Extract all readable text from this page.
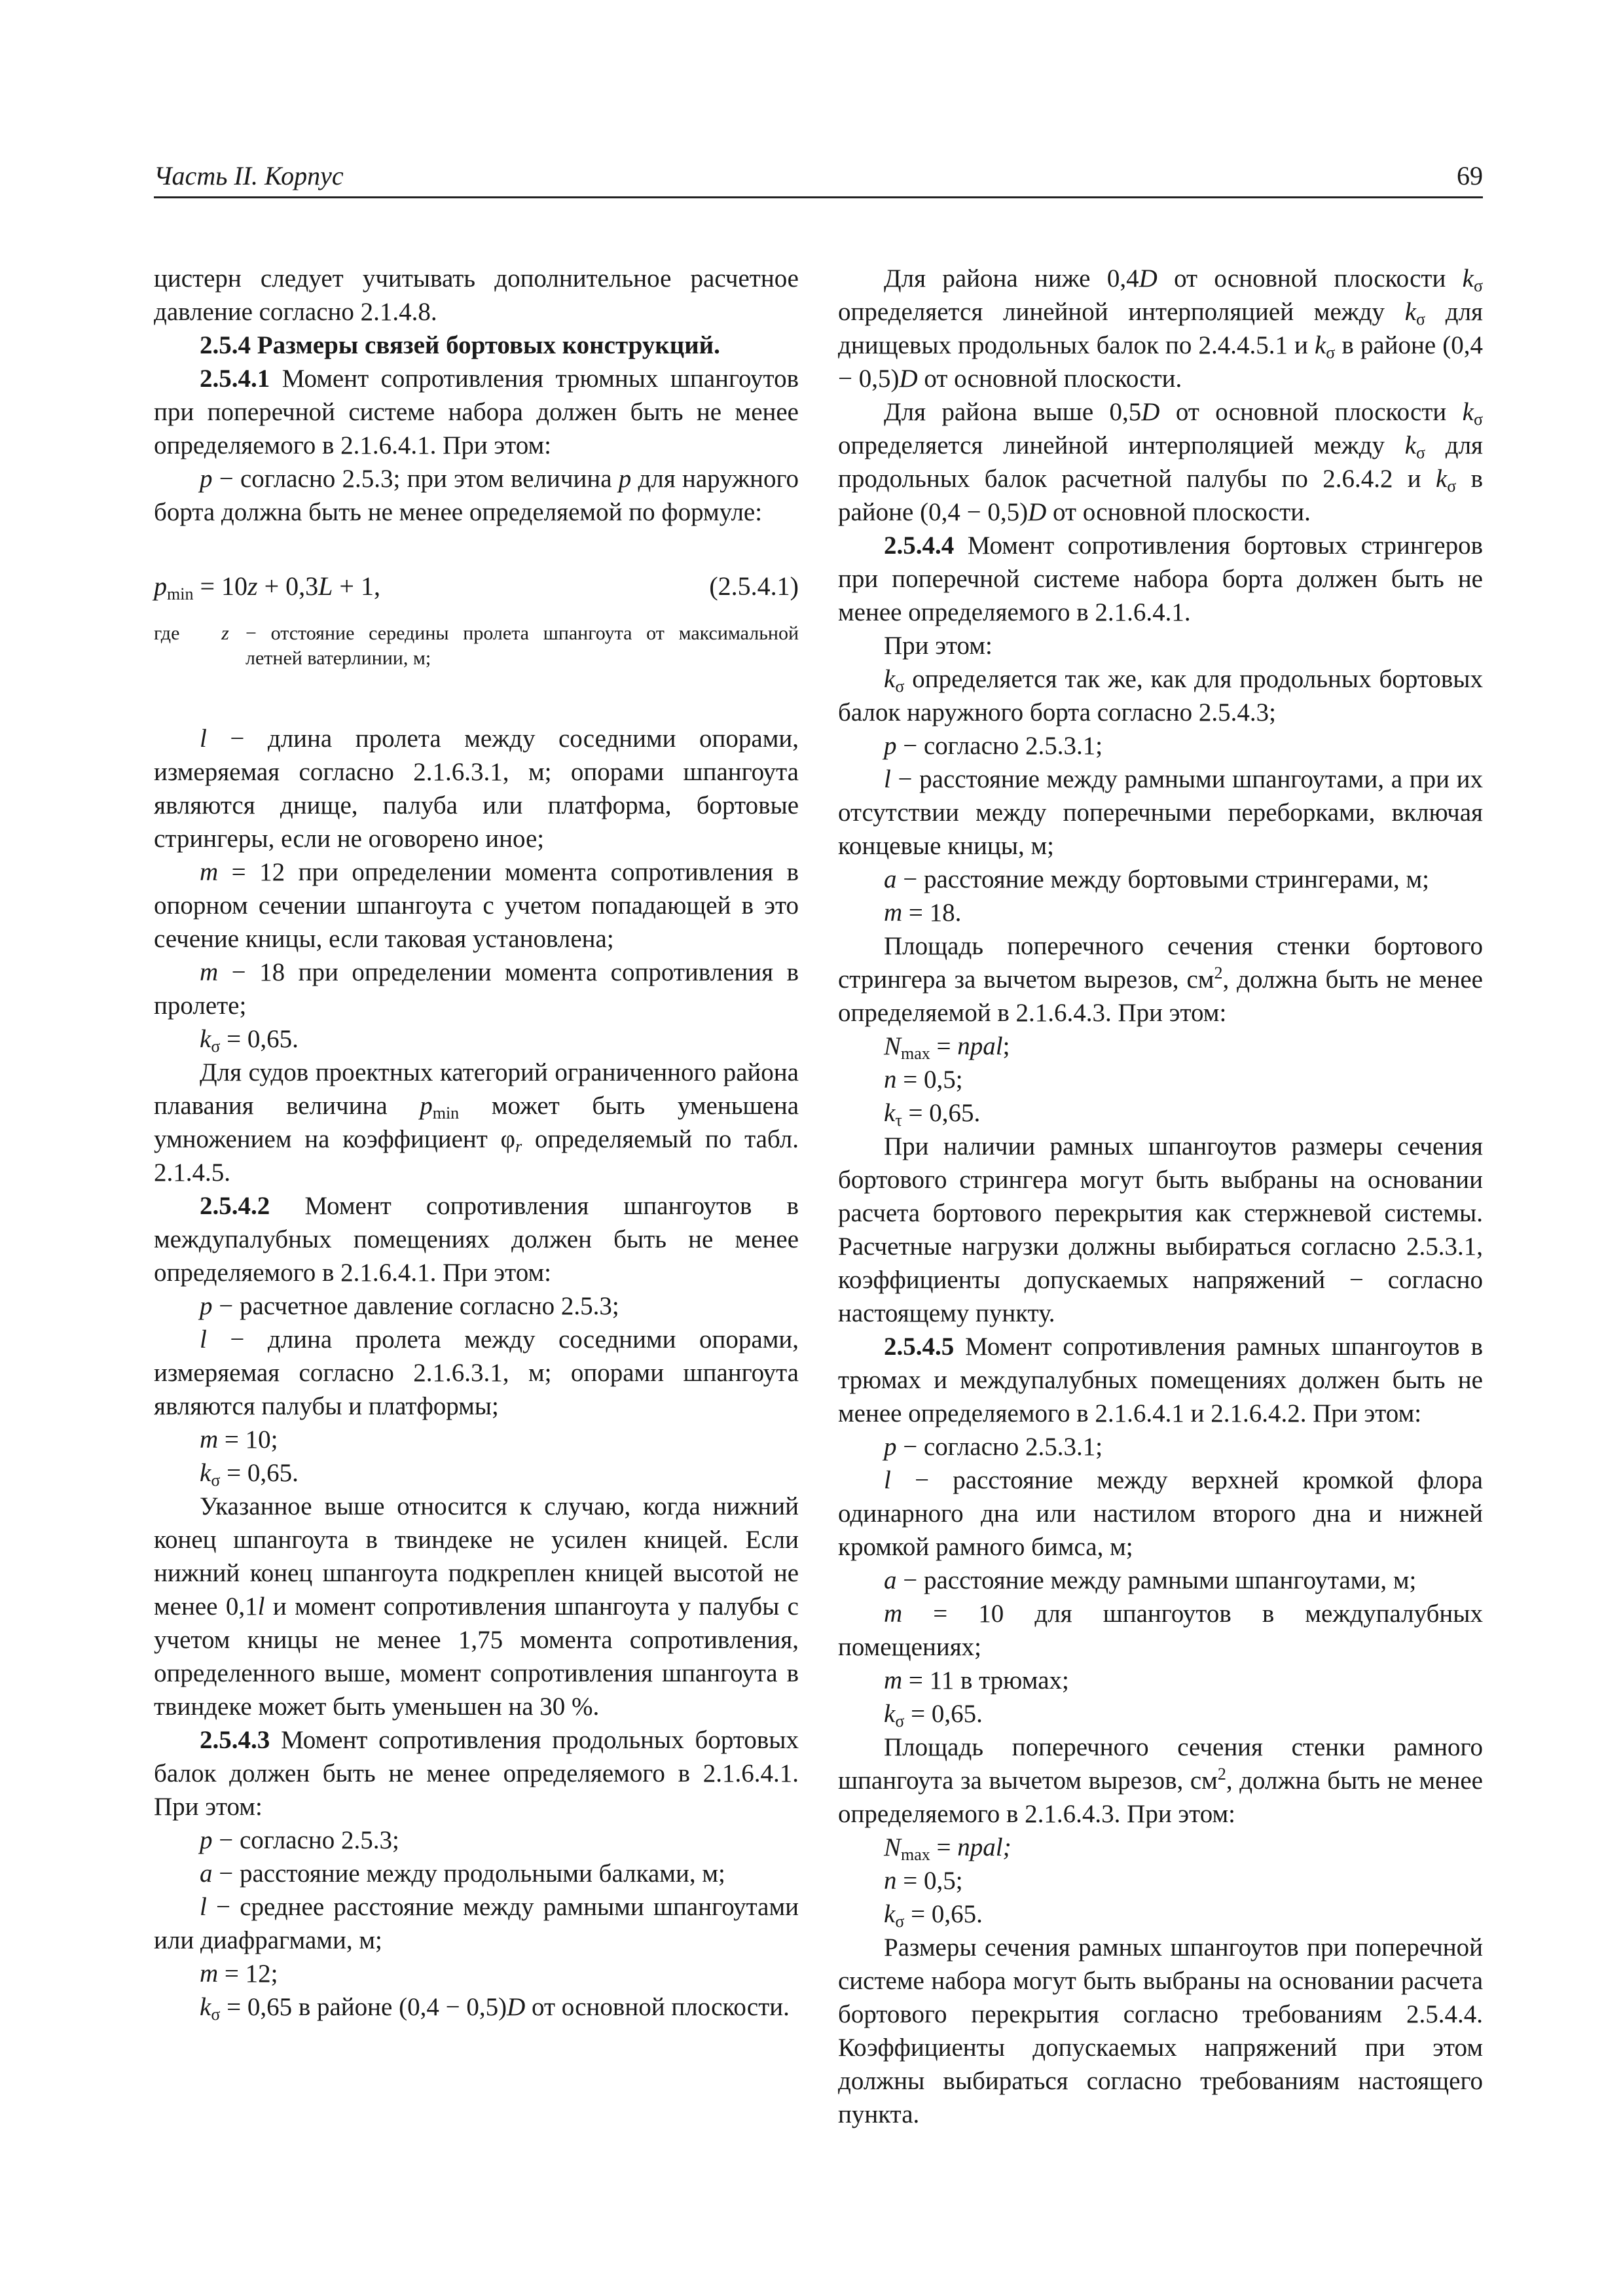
Часть II. Корпус	69

цистерн следует учитывать дополнительное расчетное давление согласно 2.1.4.8.

2.5.4 Размеры связей бортовых конструкций.

2.5.4.1 Момент сопротивления трюмных шпангоутов при поперечной системе набора должен быть не менее определяемого в 2.1.6.4.1. При этом:

p − согласно 2.5.3; при этом величина p для наружного борта должна быть не менее определяемой по формуле:

$p_{min} = 10z + 0,3L + 1$,	(2.5.4.1)
где	z − отстояние середины пролета шпангоута от максимальной летней ватерлинии, м;

l − длина пролета между соседними опорами, измеряемая согласно 2.1.6.3.1, м; опорами шпангоута являются днище, палуба или платформа, бортовые стрингеры, если не оговорено иное;

m = 12 при определении момента сопротивления в опорном сечении шпангоута с учетом попадающей в это сечение кницы, если таковая установлена;

m − 18 при определении момента сопротивления в пролете;

$k_\sigma = 0,65$.

Для судов проектных категорий ограниченного района плавания величина $p_{min}$ может быть уменьшена умножением на коэффициент $\varphi_r$ определяемый по табл. 2.1.4.5.

2.5.4.2 Момент сопротивления шпангоутов в междупалубных помещениях должен быть не менее определяемого в 2.1.6.4.1. При этом:

p − расчетное давление согласно 2.5.3;

l − длина пролета между соседними опорами, измеряемая согласно 2.1.6.3.1, м; опорами шпангоута являются палубы и платформы;

m = 10;

$k_\sigma = 0,65$.

Указанное выше относится к случаю, когда нижний конец шпангоута в твиндеке не усилен кницей. Если нижний конец шпангоута подкреплен кницей высотой не менее 0,1l и момент сопротивления шпангоута у палубы с учетом кницы не менее 1,75 момента сопротивления, определенного выше, момент сопротивления шпангоута в твиндеке может быть уменьшен на 30 %.

2.5.4.3 Момент сопротивления продольных бортовых балок должен быть не менее определяемого в 2.1.6.4.1. При этом:

p − согласно 2.5.3;

a − расстояние между продольными балками, м;

l − среднее расстояние между рамными шпангоутами или диафрагмами, м;

m = 12;

$k_\sigma = 0,65$ в районе (0,4 − 0,5)D от основной плоскости.

Для района ниже 0,4D от основной плоскости $k_\sigma$ определяется линейной интерполяцией между $k_\sigma$ для днищевых продольных балок по 2.4.4.5.1 и $k_\sigma$ в районе (0,4 − 0,5)D от основной плоскости.

Для района выше 0,5D от основной плоскости $k_\sigma$ определяется линейной интерполяцией между $k_\sigma$ для продольных балок расчетной палубы по 2.6.4.2 и $k_\sigma$ в районе (0,4 − 0,5)D от основной плоскости.

2.5.4.4 Момент сопротивления бортовых стрингеров при поперечной системе набора борта должен быть не менее определяемого в 2.1.6.4.1.

При этом:

$k_\sigma$ определяется так же, как для продольных бортовых балок наружного борта согласно 2.5.4.3;

p − согласно 2.5.3.1;

l − расстояние между рамными шпангоутами, а при их отсутствии между поперечными переборками, включая концевые кницы, м;

a − расстояние между бортовыми стрингерами, м;

m = 18.

Площадь поперечного сечения стенки бортового стрингера за вычетом вырезов, $см^2$, должна быть не менее определяемой в 2.1.6.4.3. При этом:

$N_{max}$ = npal;

n = 0,5;

$k_\tau = 0,65$.

При наличии рамных шпангоутов размеры сечения бортового стрингера могут быть выбраны на основании расчета бортового перекрытия как стержневой системы. Расчетные нагрузки должны выбираться согласно 2.5.3.1, коэффициенты допускаемых напряжений − согласно настоящему пункту.

2.5.4.5 Момент сопротивления рамных шпангоутов в трюмах и междупалубных помещениях должен быть не менее определяемого в 2.1.6.4.1 и 2.1.6.4.2. При этом:

p − согласно 2.5.3.1;

l − расстояние между верхней кромкой флора одинарного дна или настилом второго дна и нижней кромкой рамного бимса, м;

a − расстояние между рамными шпангоутами, м;

m = 10 для шпангоутов в междупалубных помещениях;

m = 11 в трюмах;

$k_\sigma = 0,65$.

Площадь поперечного сечения стенки рамного шпангоута за вычетом вырезов, $см^2$, должна быть не менее определяемого в 2.1.6.4.3. При этом:

$N_{max}$ = npal;

n = 0,5;

$k_\sigma = 0,65$.

Размеры сечения рамных шпангоутов при поперечной системе набора могут быть выбраны на основании расчета бортового перекрытия согласно требованиям 2.5.4.4. Коэффициенты допускаемых напряжений при этом должны выбираться согласно требованиям настоящего пункта.
